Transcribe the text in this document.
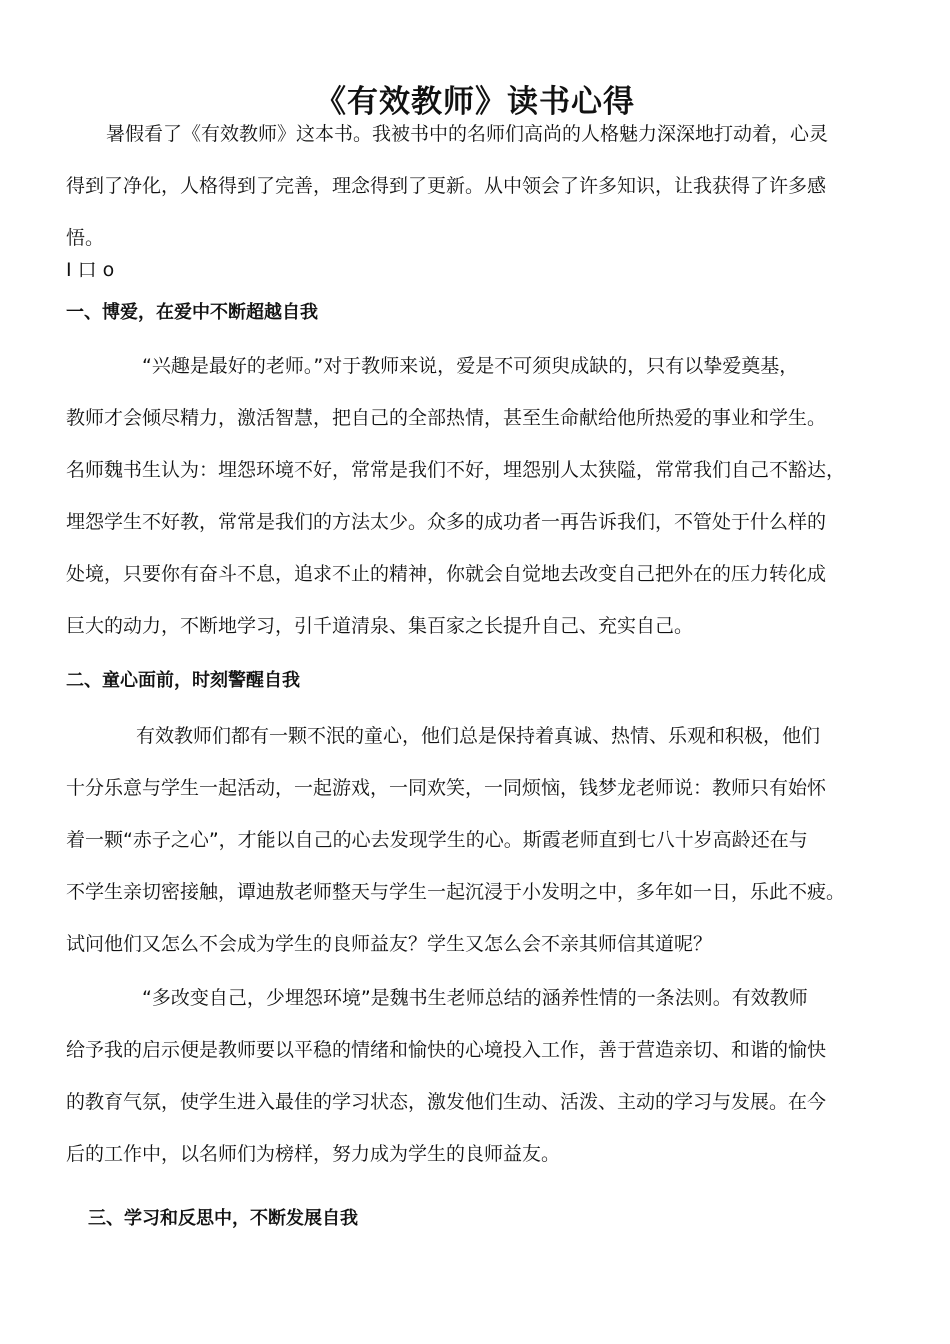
《有效教师》读书心得
暑假看了《有效教师》这本书。我被书中的名师们高尚的人格魅力深深地打动着，心灵
得到了净化，人格得到了完善，理念得到了更新。从中领会了许多知识，让我获得了许多感
悟。

I 口 o

一、博爱，在爱中不断超越自我
“兴趣是最好的老师。”对于教师来说，爱是不可须臾成缺的，只有以挚爱奠基，
教师才会倾尽精力，激活智慧，把自己的全部热情，甚至生命献给他所热爱的事业和学生。
名师魏书生认为：埋怨环境不好，常常是我们不好，埋怨别人太狭隘，常常我们自己不豁达，
埋怨学生不好教，常常是我们的方法太少。众多的成功者一再告诉我们，不管处于什么样的
处境，只要你有奋斗不息，追求不止的精神，你就会自觉地去改变自己把外在的压力转化成
巨大的动力，不断地学习，引千道清泉、集百家之长提升自己、充实自己。
二、童心面前，时刻警醒自我
有效教师们都有一颗不泯的童心，他们总是保持着真诚、热情、乐观和积极，他们
十分乐意与学生一起活动，一起游戏，一同欢笑，一同烦恼，钱梦龙老师说：教师只有始怀
着一颗“赤子之心”，才能以自己的心去发现学生的心。斯霞老师直到七八十岁高龄还在与
不学生亲切密接触，谭迪敖老师整天与学生一起沉浸于小发明之中，多年如一日，乐此不疲。
试问他们又怎么不会成为学生的良师益友？学生又怎么会不亲其师信其道呢？
“多改变自己，少埋怨环境”是魏书生老师总结的涵养性情的一条法则。有效教师
给予我的启示便是教师要以平稳的情绪和愉快的心境投入工作，善于营造亲切、和谐的愉快
的教育气氛，使学生进入最佳的学习状态，激发他们生动、活泼、主动的学习与发展。在今
后的工作中，以名师们为榜样，努力成为学生的良师益友。
三、学习和反思中，不断发展自我
